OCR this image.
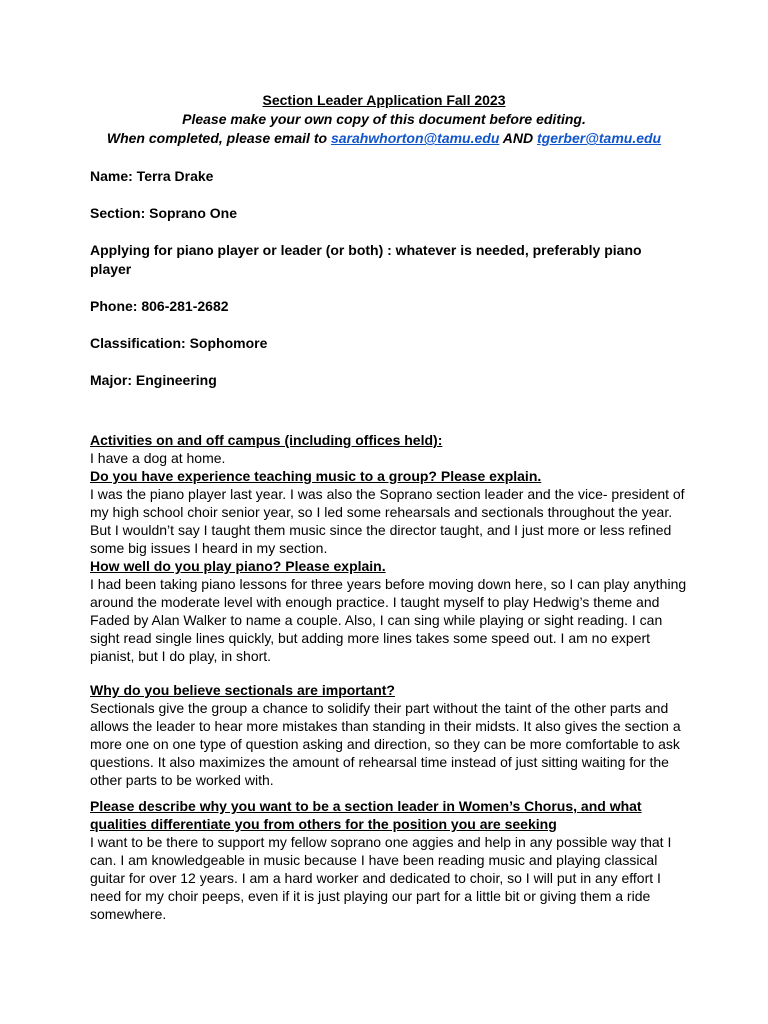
Section Leader Application Fall 2023
Please make your own copy of this document before editing.
When completed, please email to sarahwhorton@tamu.edu AND tgerber@tamu.edu

Name: Terra Drake

Section: Soprano One

Applying for piano player or leader (or both) : whatever is needed, preferably piano player

Phone: 806-281-2682

Classification: Sophomore

Major: Engineering

Activities on and off campus (including offices held):

I have a dog at home.

Do you have experience teaching music to a group? Please explain.

I was the piano player last year. I was also the Soprano section leader and the vice- president of my high school choir senior year, so I led some rehearsals and sectionals throughout the year. But I wouldn’t say I taught them music since the director taught, and I just more or less refined some big issues I heard in my section.

How well do you play piano? Please explain.

I had been taking piano lessons for three years before moving down here, so I can play anything around the moderate level with enough practice. I taught myself to play Hedwig’s theme and Faded by Alan Walker to name a couple. Also, I can sing while playing or sight reading. I can sight read single lines quickly, but adding more lines takes some speed out. I am no expert pianist, but I do play, in short.

Why do you believe sectionals are important?

Sectionals give the group a chance to solidify their part without the taint of the other parts and allows the leader to hear more mistakes than standing in their midsts. It also gives the section a more one on one type of question asking and direction, so they can be more comfortable to ask questions. It also maximizes the amount of rehearsal time instead of just sitting waiting for the other parts to be worked with.

Please describe why you want to be a section leader in Women’s Chorus, and what qualities differentiate you from others for the position you are seeking

I want to be there to support my fellow soprano one aggies and help in any possible way that I can. I am knowledgeable in music because I have been reading music and playing classical guitar for over 12 years. I am a hard worker and dedicated to choir, so I will put in any effort I need for my choir peeps, even if it is just playing our part for a little bit or giving them a ride somewhere.
